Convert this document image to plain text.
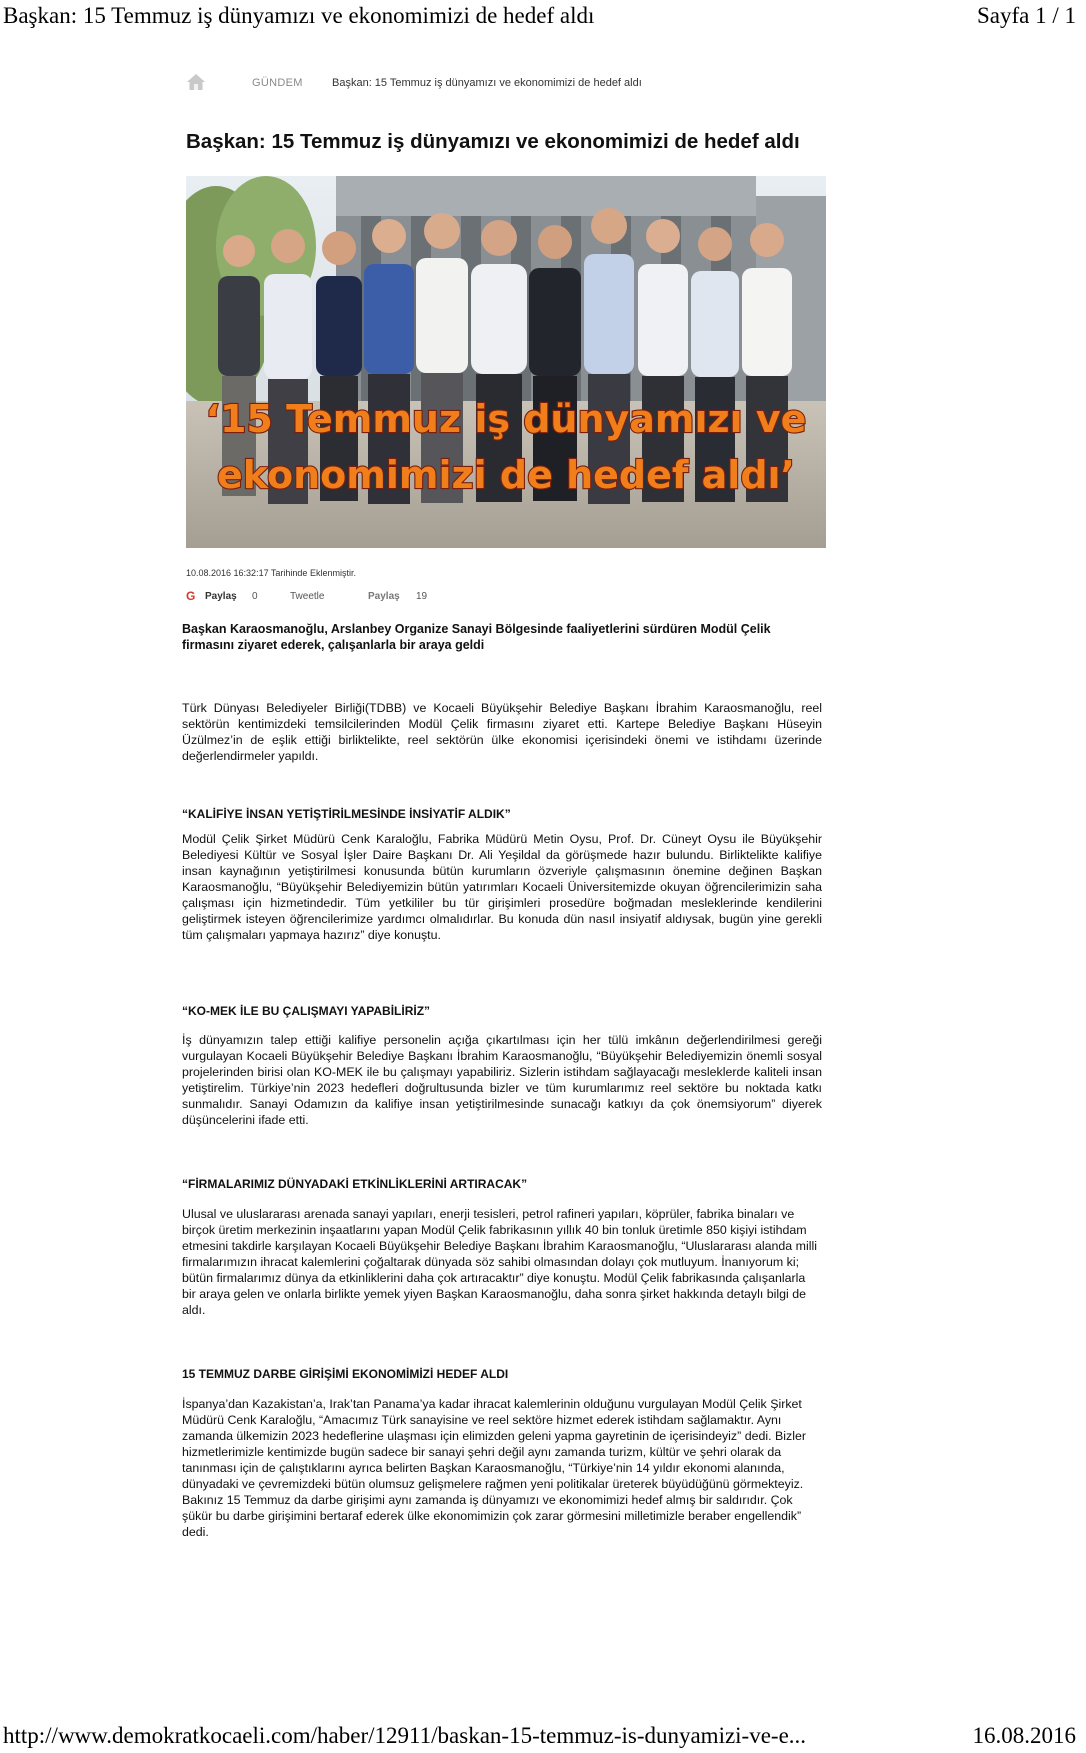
Başkan: 15 Temmuz iş dünyamızı ve ekonomimizi de hedef aldı	Sayfa 1 / 1
GÜNDEM	Başkan: 15 Temmuz iş dünyamızı ve ekonomimizi de hedef aldı
Başkan: 15 Temmuz iş dünyamızı ve ekonomimizi de hedef aldı
‘15 Temmuz iş dünyamızı ve
ekonomimizi de hedef aldı’
10.08.2016 16:32:17 Tarihinde Eklenmiştir.
G Paylaş 0	Tweetle	Paylaş 19

Başkan Karaosmanoğlu, Arslanbey Organize Sanayi Bölgesinde faaliyetlerini sürdüren Modül Çelik firmasını ziyaret ederek, çalışanlarla bir araya geldi

Türk Dünyası Belediyeler Birliği(TDBB) ve Kocaeli Büyükşehir Belediye Başkanı İbrahim Karaosmanoğlu, reel sektörün kentimizdeki temsilcilerinden Modül Çelik firmasını ziyaret etti. Kartepe Belediye Başkanı Hüseyin Üzülmez’in de eşlik ettiği birliktelikte, reel sektörün ülke ekonomisi içerisindeki önemi ve istihdamı üzerinde değerlendirmeler yapıldı.

“KALİFİYE İNSAN YETİŞTİRİLMESİNDE İNSİYATİF ALDIK”

Modül Çelik Şirket Müdürü Cenk Karaloğlu, Fabrika Müdürü Metin Oysu, Prof. Dr. Cüneyt Oysu ile Büyükşehir Belediyesi Kültür ve Sosyal İşler Daire Başkanı Dr. Ali Yeşildal da görüşmede hazır bulundu. Birliktelikte kalifiye insan kaynağının yetiştirilmesi konusunda bütün kurumların özveriyle çalışmasının önemine değinen Başkan Karaosmanoğlu, “Büyükşehir Belediyemizin bütün yatırımları Kocaeli Üniversitemizde okuyan öğrencilerimizin saha çalışması için hizmetindedir. Tüm yetkililer bu tür girişimleri prosedüre boğmadan mesleklerinde kendilerini geliştirmek isteyen öğrencilerimize yardımcı olmalıdırlar. Bu konuda dün nasıl insiyatif aldıysak, bugün yine gerekli tüm çalışmaları yapmaya hazırız” diye konuştu.

“KO-MEK İLE BU ÇALIŞMAYI YAPABİLİRİZ”

İş dünyamızın talep ettiği kalifiye personelin açığa çıkartılması için her tülü imkânın değerlendirilmesi gereği vurgulayan Kocaeli Büyükşehir Belediye Başkanı İbrahim Karaosmanoğlu, “Büyükşehir Belediyemizin önemli sosyal projelerinden birisi olan KO-MEK ile bu çalışmayı yapabiliriz. Sizlerin istihdam sağlayacağı mesleklerde kaliteli insan yetiştirelim. Türkiye’nin 2023 hedefleri doğrultusunda bizler ve tüm kurumlarımız reel sektöre bu noktada katkı sunmalıdır. Sanayi Odamızın da kalifiye insan yetiştirilmesinde sunacağı katkıyı da çok önemsiyorum” diyerek düşüncelerini ifade etti.

“FİRMALARIMIZ DÜNYADAKİ ETKİNLİKLERİNİ ARTIRACAK”

Ulusal ve uluslararası arenada sanayi yapıları, enerji tesisleri, petrol rafineri yapıları, köprüler, fabrika binaları ve birçok üretim merkezinin inşaatlarını yapan Modül Çelik fabrikasının yıllık 40 bin tonluk üretimle 850 kişiyi istihdam etmesini takdirle karşılayan Kocaeli Büyükşehir Belediye Başkanı İbrahim Karaosmanoğlu, “Uluslararası alanda milli firmalarımızın ihracat kalemlerini çoğaltarak dünyada söz sahibi olmasından dolayı çok mutluyum. İnanıyorum ki; bütün firmalarımız dünya da etkinliklerini daha çok artıracaktır” diye konuştu. Modül Çelik fabrikasında çalışanlarla bir araya gelen ve onlarla birlikte yemek yiyen Başkan Karaosmanoğlu, daha sonra şirket hakkında detaylı bilgi de aldı.

15 TEMMUZ DARBE GİRİŞİMİ EKONOMİMİZİ HEDEF ALDI

İspanya’dan Kazakistan’a, Irak’tan Panama’ya kadar ihracat kalemlerinin olduğunu vurgulayan Modül Çelik Şirket Müdürü Cenk Karaloğlu, “Amacımız Türk sanayisine ve reel sektöre hizmet ederek istihdam sağlamaktır. Aynı zamanda ülkemizin 2023 hedeflerine ulaşması için elimizden geleni yapma gayretinin de içerisindeyiz” dedi. Bizler hizmetlerimizle kentimizde bugün sadece bir sanayi şehri değil aynı zamanda turizm, kültür ve şehri olarak da tanınması için de çalıştıklarını ayrıca belirten Başkan Karaosmanoğlu, “Türkiye’nin 14 yıldır ekonomi alanında, dünyadaki ve çevremizdeki bütün olumsuz gelişmelere rağmen yeni politikalar üreterek büyüdüğünü görmekteyiz. Bakınız 15 Temmuz da darbe girişimi aynı zamanda iş dünyamızı ve ekonomimizi hedef almış bir saldırıdır. Çok şükür bu darbe girişimini bertaraf ederek ülke ekonomimizin çok zarar görmesini milletimizle beraber engellendik” dedi.

http://www.demokratkocaeli.com/haber/12911/baskan-15-temmuz-is-dunyamizi-ve-e...	16.08.2016
